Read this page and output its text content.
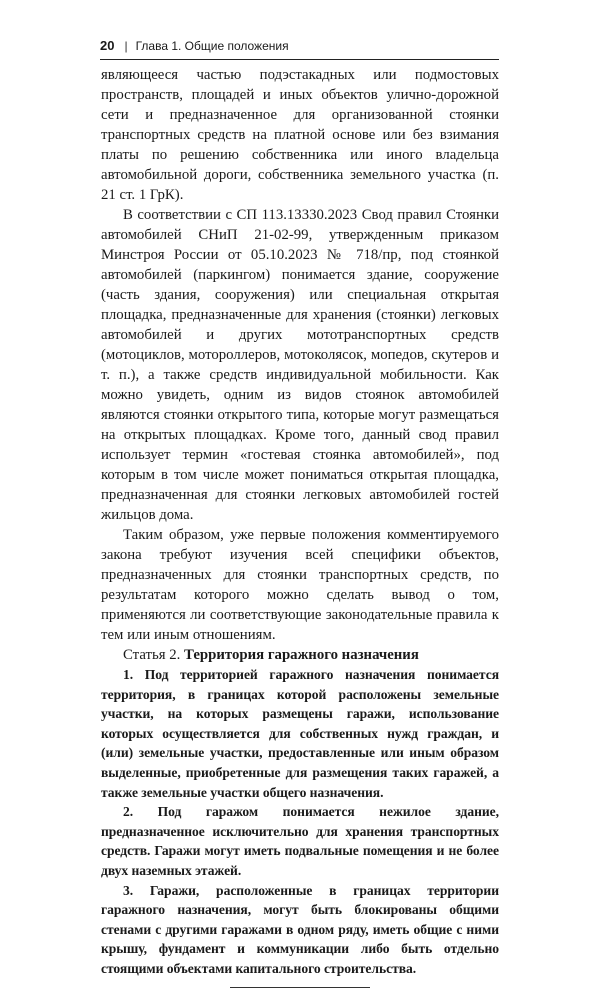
20 | Глава 1. Общие положения

являющееся частью подэстакадных или подмостовых пространств, площадей и иных объектов улично-дорожной сети и предназначенное для организованной стоянки транспортных средств на платной основе или без взимания платы по решению собственника или иного владельца автомобильной дороги, собственника земельного участка (п. 21 ст. 1 ГрК).

В соответствии с СП 113.13330.2023 Свод правил Стоянки автомобилей СНиП 21-02-99, утвержденным приказом Минстроя России от 05.10.2023 № 718/пр, под стоянкой автомобилей (паркингом) понимается здание, сооружение (часть здания, сооружения) или специальная открытая площадка, предназначенные для хранения (стоянки) легковых автомобилей и других мототранспортных средств (мотоциклов, мотороллеров, мотоколясок, мопедов, скутеров и т. п.), а также средств индивидуальной мобильности. Как можно увидеть, одним из видов стоянок автомобилей являются стоянки открытого типа, которые могут размещаться на открытых площадках. Кроме того, данный свод правил использует термин «гостевая стоянка автомобилей», под которым в том числе может пониматься открытая площадка, предназначенная для стоянки легковых автомобилей гостей жильцов дома.

Таким образом, уже первые положения комментируемого закона требуют изучения всей специфики объектов, предназначенных для стоянки транспортных средств, по результатам которого можно сделать вывод о том, применяются ли соответствующие законодательные правила к тем или иным отношениям.

Статья 2. Территория гаражного назначения

1. Под территорией гаражного назначения понимается территория, в границах которой расположены земельные участки, на которых размещены гаражи, использование которых осуществляется для собственных нужд граждан, и (или) земельные участки, предоставленные или иным образом выделенные, приобретенные для размещения таких гаражей, а также земельные участки общего назначения.

2. Под гаражом понимается нежилое здание, предназначенное исключительно для хранения транспортных средств. Гаражи могут иметь подвальные помещения и не более двух наземных этажей.

3. Гаражи, расположенные в границах территории гаражного назначения, могут быть блокированы общими стенами с другими гаражами в одном ряду, иметь общие с ними крышу, фундамент и коммуникации либо быть отдельно стоящими объектами капитального строительства.
